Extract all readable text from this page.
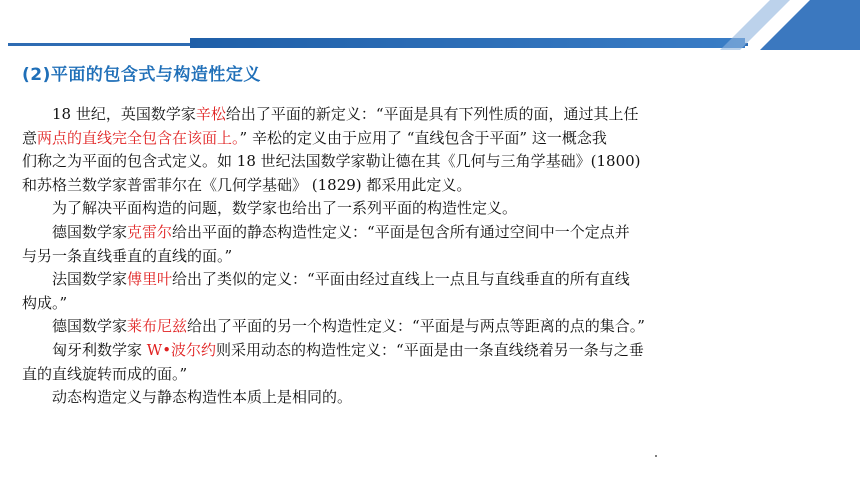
(2)平面的包含式与构造性定义
　　18 世纪，英国数学家辛松给出了平面的新定义：“平面是具有下列性质的面，通过其上任
意两点的直线完全包含在该面上。” 辛松的定义由于应用了 “直线包含于平面” 这一概念我
们称之为平面的包含式定义。如 18 世纪法国数学家勒让德在其《几何与三角学基础》(1800)
和苏格兰数学家普雷菲尔在《几何学基础》 (1829) 都采用此定义。
　　为了解决平面构造的问题，数学家也给出了一系列平面的构造性定义。
　　德国数学家克雷尔给出平面的静态构造性定义：“平面是包含所有通过空间中一个定点并
与另一条直线垂直的直线的面。”
　　法国数学家傅里叶给出了类似的定义：“平面由经过直线上一点且与直线垂直的所有直线
构成。”
　　德国数学家莱布尼兹给出了平面的另一个构造性定义：“平面是与两点等距离的点的集合。”
　　匈牙利数学家 W•波尔约则采用动态的构造性定义：“平面是由一条直线绕着另一条与之垂
直的直线旋转而成的面。”
　　动态构造定义与静态构造性本质上是相同的。
